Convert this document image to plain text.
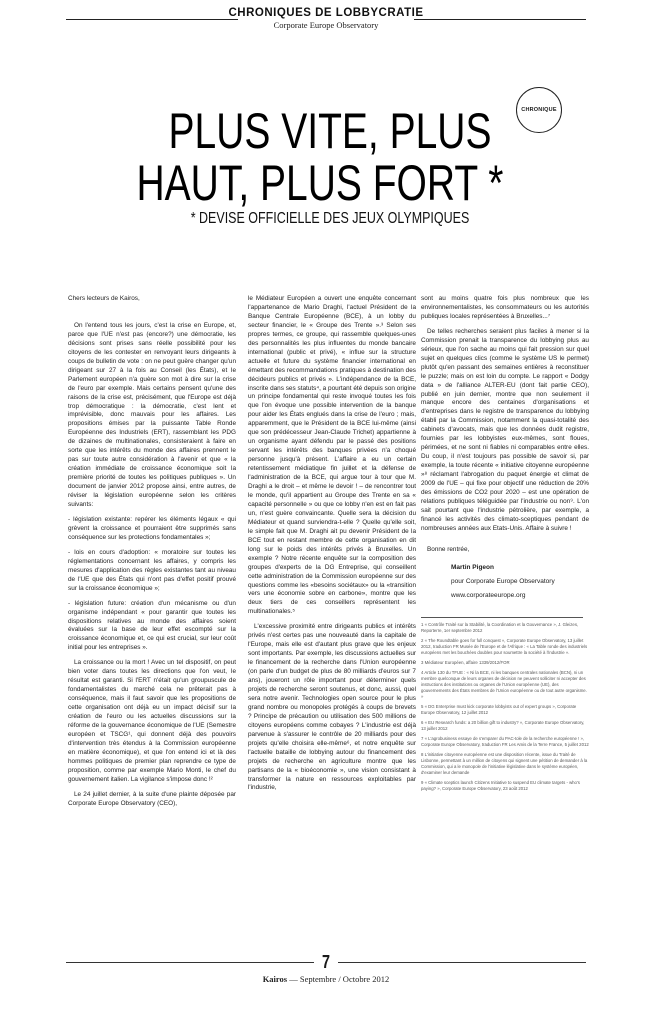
CHRONIQUES DE LOBBYCRATIE
Corporate Europe Observatory
CHRONIQUE
PLUS VITE, PLUS
HAUT, PLUS FORT *
* DEVISE OFFICIELLE DES JEUX OLYMPIQUES

Chers lecteurs de Kairos,

On l'entend tous les jours, c'est la crise en Europe, et, parce que l'UE n'est pas (encore?) une démocratie, les décisions sont prises sans réelle possibilité pour les citoyens de les contester en renvoyant leurs dirigeants à coups de bulletin de vote : on ne peut guère changer qu'un dirigeant sur 27 à la fois au Conseil (les États), et le Parlement européen n'a guère son mot à dire sur la crise de l'euro par exemple. Mais certains pensent qu'une des raisons de la crise est, précisément, que l'Europe est déjà trop démocratique : la démocratie, c'est lent et imprévisible, donc mauvais pour les affaires. Les propositions émises par la puissante Table Ronde Européenne des Industriels (ERT), rassemblant les PDG de dizaines de multinationales, consisteraient à faire en sorte que les intérêts du monde des affaires prennent le pas sur toute autre considération à l'avenir et que « la création immédiate de croissance économique soit la première priorité de toutes les politiques publiques ». Un document de janvier 2012 propose ainsi, entre autres, de réviser la législation européenne selon les critères suivants:

- législation existante: repérer les éléments légaux « qui grèvent la croissance et pourraient être supprimés sans conséquence sur les protections fondamentales »;

- lois en cours d'adoption: « moratoire sur toutes les réglementations concernant les affaires, y compris les mesures d'application des règles existantes tant au niveau de l'UE que des États qui n'ont pas d'effet positif prouvé sur la croissance économique »;

- législation future: création d'un mécanisme ou d'un organisme indépendant « pour garantir que toutes les dispositions relatives au monde des affaires soient évaluées sur la base de leur effet escompté sur la croissance économique et, ce qui est crucial, sur leur coût initial pour les entreprises ».

La croissance ou la mort ! Avec un tel dispositif, on peut bien voter dans toutes les directions que l'on veut, le résultat est garanti. Si l'ERT n'était qu'un groupuscule de fondamentalistes du marché cela ne prêterait pas à conséquence, mais il faut savoir que les propositions de cette organisation ont déjà eu un impact décisif sur la création de l'euro ou les actuelles discussions sur la réforme de la gouvernance économique de l'UE (Semestre européen et TSCG¹, qui donnent déjà des pouvoirs d'intervention très étendus à la Commission européenne en matière économique), et que l'on entend ici et là des hommes politiques de premier plan reprendre ce type de proposition, comme par exemple Mario Monti, le chef du gouvernement italien. La vigilance s'impose donc !²

Le 24 juillet dernier, à la suite d'une plainte déposée par Corporate Europe Observatory (CEO),

le Médiateur Européen a ouvert une enquête concernant l'appartenance de Mario Draghi, l'actuel Président de la Banque Centrale Européenne (BCE), à un lobby du secteur financier, le « Groupe des Trente ».³ Selon ses propres termes, ce groupe, qui rassemble quelques-unes des personnalités les plus influentes du monde bancaire international (public et privé), « influe sur la structure actuelle et future du système financier international en émettant des recommandations pratiques à destination des décideurs publics et privés ». L'indépendance de la BCE, inscrite dans ses statuts⁴, a pourtant été depuis son origine un principe fondamental qui reste invoqué toutes les fois que l'on évoque une possible intervention de la banque pour aider les États englués dans la crise de l'euro ; mais, apparemment, que le Président de la BCE lui-même (ainsi que son prédécesseur Jean-Claude Trichet) appartienne à un organisme ayant défendu par le passé des positions servant les intérêts des banques privées n'a choqué personne jusqu'à présent. L'affaire a eu un certain retentissement médiatique fin juillet et la défense de l'administration de la BCE, qui argue tour à tour que M. Draghi a le droit – et même le devoir ! – de rencontrer tout le monde, qu'il appartient au Groupe des Trente en sa « capacité personnelle » ou que ce lobby n'en est en fait pas un, n'est guère convaincante. Quelle sera la décision du Médiateur et quand surviendra-t-elle ? Quelle qu'elle soit, le simple fait que M. Draghi ait pu devenir Président de la BCE tout en restant membre de cette organisation en dit long sur le poids des intérêts privés à Bruxelles. Un exemple ? Notre récente enquête sur la composition des groupes d'experts de la DG Entreprise, qui conseillent cette administration de la Commission européenne sur des questions comme les «besoins sociétaux» ou la «transition vers une économie sobre en carbone», montre que les deux tiers de ces conseillers représentent les multinationales.⁵

L'excessive proximité entre dirigeants publics et intérêts privés n'est certes pas une nouveauté dans la capitale de l'Europe, mais elle est d'autant plus grave que les enjeux sont importants. Par exemple, les discussions actuelles sur le financement de la recherche dans l'Union européenne (on parle d'un budget de plus de 80 milliards d'euros sur 7 ans), joueront un rôle important pour déterminer quels projets de recherche seront soutenus, et donc, aussi, quel sera notre avenir. Technologies open source pour le plus grand nombre ou monopoles protégés à coups de brevets ? Principe de précaution ou utilisation des 500 millions de citoyens européens comme cobayes ? L'industrie est déjà parvenue à s'assurer le contrôle de 20 milliards pour des projets qu'elle choisira elle-même⁶, et notre enquête sur l'actuelle bataille de lobbying autour du financement des projets de recherche en agriculture montre que les partisans de la « bioéconomie », une vision consistant à transformer la nature en ressources exploitables par l'industrie,

sont au moins quatre fois plus nombreux que les environnementalistes, les consommateurs ou les autorités publiques locales représentées à Bruxelles...⁷

De telles recherches seraient plus faciles à mener si la Commission prenait la transparence du lobbying plus au sérieux, que l'on sache au moins qui fait pression sur quel sujet en quelques clics (comme le système US le permet) plutôt qu'en passant des semaines entières à reconstituer le puzzle; mais on est loin du compte. Le rapport « Dodgy data » de l'alliance ALTER-EU (dont fait partie CEO), publié en juin dernier, montre que non seulement il manque encore des centaines d'organisations et d'entreprises dans le registre de transparence du lobbying établi par la Commission, notamment la quasi-totalité des cabinets d'avocats, mais que les données dudit registre, fournies par les lobbyistes eux-mêmes, sont floues, périmées, et ne sont ni fiables ni comparables entre elles. Du coup, il n'est toujours pas possible de savoir si, par exemple, la toute récente « initiative citoyenne européenne »⁸ réclamant l'abrogation du paquet énergie et climat de 2009 de l'UE – qui fixe pour objectif une réduction de 20% des émissions de CO2 pour 2020 – est une opération de relations publiques téléguidée par l'industrie ou non⁹. L'on sait pourtant que l'industrie pétrolière, par exemple, a financé les activités des climato-sceptiques pendant de nombreuses années aux Etats-Unis. Affaire à suivre !

Bonne rentrée,

Martin Pigeon
pour Corporate Europe Observatory
www.corporateeurope.org

1 « Contrôle Traité sur la Stabilité, la Coordination et la Gouvernance », J. Gleizes, Reporterre, 1er septembre 2012

2 « The Roundtable goes for full conquest », Corporate Europe Observatory, 13 juillet 2012, traduction FR Musée de l'Europe et de l'Afrique : « La Table ronde des industriels européens met les bouchées doubles pour soumettre la société à l'industrie ».

3 Médiateur Européen, affaire 1339/2012/FOR

4 Article 130 du TFUE : « Ni la BCE, ni les banques centrales nationales (BCN), ni un membre quelconque de leurs organes de décision ne peuvent solliciter ni accepter des instructions des institutions ou organes de l'Union européenne (UE), des gouvernements des États membres de l'Union européenne ou de tout autre organisme. »

5 « DG Enterprise must kick corporate lobbyists out of expert groups », Corporate Europe Observatory, 12 juillet 2012

6 « EU Research funds: a 20 billion gift to industry? », Corporate Europe Observatory, 13 juillet 2012

7 « L'agrobusiness essaye de s'emparer du PAC-tole de la recherche européenne ! », Corporate Europe Observatory, traduction FR Les Amis de la Terre France, 5 juillet 2012

8 L'initiative citoyenne européenne est une disposition récente, issue du Traité de Lisbonne, permettant à un million de citoyens qui signent une pétition de demander à la Commission, qui a le monopole de l'initiative législative dans le système européen, d'examiner leur demande

9 « Climate sceptics launch Citizens Initiative to suspend EU climate targets - who's paying? », Corporate Europe Observatory, 23 août 2012

7
Kairos — Septembre / Octobre 2012
